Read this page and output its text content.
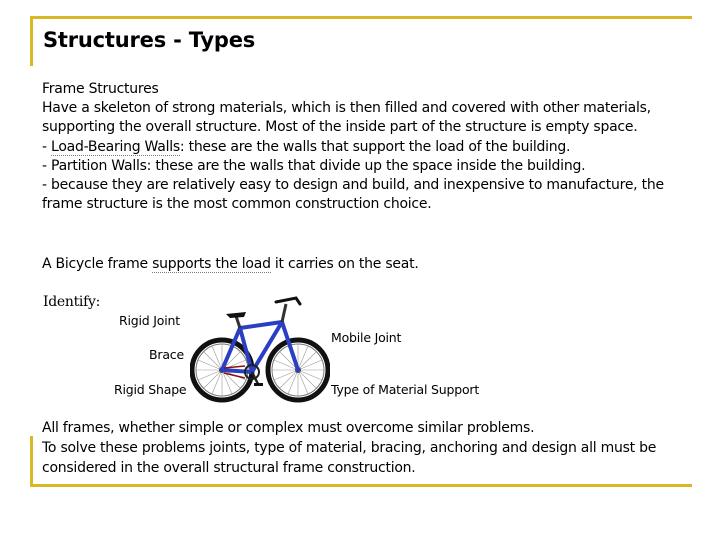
Structures - Types

Frame Structures

Have a skeleton of strong materials, which is then filled and covered with other materials, supporting the overall structure. Most of the inside part of the structure is empty space.

- Load-Bearing Walls: these are the walls that support the load of the building.

- Partition Walls: these are the walls that divide up the space inside the building.

- because they are relatively easy to design and build, and inexpensive to manufacture, the frame structure is the most common construction choice.

A Bicycle frame supports the load it carries on the seat.
Identify:
Rigid Joint
Brace
Rigid Shape
Mobile Joint
Type of Material Support

All frames, whether simple or complex must overcome similar problems.

To solve these problems joints, type of material, bracing, anchoring and design all must be considered in the overall structural frame construction.
